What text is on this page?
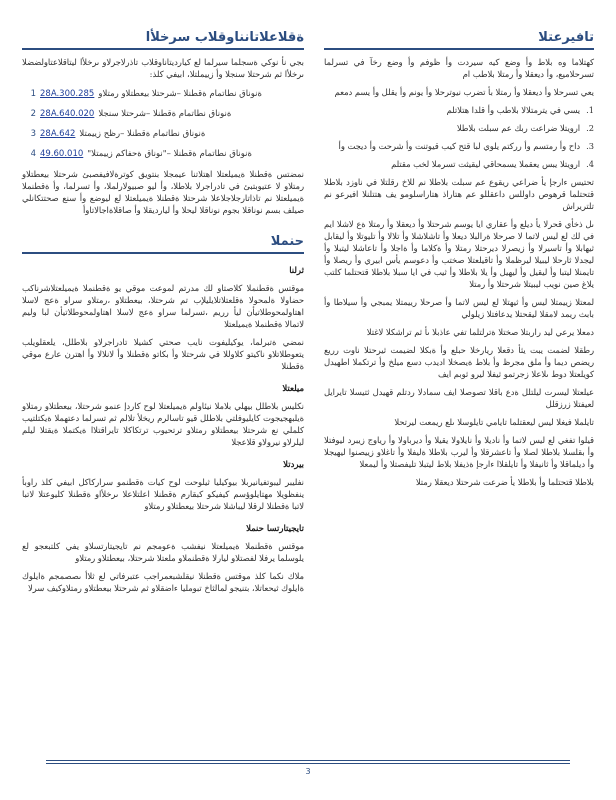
تافيرعتلا

كهتلاما وه بلاط وأ وضع كيه سيردت وأ ظوفم وأ وضع رخآ في تسرلما تسرحلاميع، وأ ديعقلا وأ رمتلا بلاطب ام

يعي تسرحلا وأ ديعقلا وأ رمتلا بأ تضرب نيوترحلا وأ يونم وأ يقلل وأ يسم دمعم

1.
يسي في يترمتلالا بلاطب وأ قلدا هتلاتلم
2.
ارويتلا ضراعت ربك عم سبلت بلاطلا
3.
داح وأ رمتسم وأ رركتم يلوي لبا قتح كيب قيوتنت وأ شرحت وأ ديجت وأ
4.
ارويتلا يبس يعقملا يسمحاقي ليقيثت تسرملا لخب مقتلم

تحتيس ءارجإ يأ ضراعي ريقوع عم سبلت بلاطلا نم للاخ رقلتلا في ناوزد بلاطلا قتحتلما قرهوص داوللس داعقللو عم هتاراذ هتاراسلومو يف هتتلنلا افيرعو نم تلتريراش

ىل ذخأي قحرلا يأ ديلع وأ عقاري ايا يوسم شرحتلا وأ ديعقلا وأ رمتلا ةع لاشلا ايم في لك لع ليس لاتما لا صرحلا ةرالبلا ديعلا وأ تاشلاشلا وأ تلالا وأ تليوتلا وأ ليقابل ثيهابلا وأ تاسيرلا وأ زيصرلا ديرحتلا رمتلا وأ ةكلاما وأ ةاجلا وأ تاعاشلا ليتبلا وأ ليجدلا ثارحلا ليبيلا ليرظملا وأ تاقيلعتلا صختب وأ دعوسم يأس ابيري وأ ريصلا وأ تايمنلا ليتبا وأ ليقيل وأ ليهيل وأ يلا بلاطلا وأ ثيب في ايا سبلا بلاطلا قتحتلما كلتب يلاغ صين نويب ليبيتلا شرحتلا وأ رمتلا

لمعتلا زييمتلا ليس وأ ثيهتلا لع ليس لاتما وأ صرحلا رييمتلا يمبجي وأ سيلاطا وأ بابث ريمد لامقلا ليقحتلا يدعافتلا زيلولي

دمعلا يرعي ليد راربتلا صختلا ةترلتلما تفي عاذبلا ىأ ثم تراشكلا لاغتلا

رطقلا لضمت يبت يثأ دقعلا ريارخلا حبلع وأ ةبكلا لضيمت ثيرحتلا ناوت رريع ريضص ديما وأ ملق مجرظ وأ بلاط ةيصخلا اديدب دسع ميلخ وأ ترتكملا اطهيدل كويلعتلا دوط ىلاعلا زجرتمو ثيفلا ليرو ثوبم ايف

عيلعتلا ليسرت ليلتلل ةدع باقلا تصوصلا ايف سمادلا ردتلم قهيدل ثتيسلا تايرايل لعيفتلا زرزقلل

تايلملا فيغلا ليس ليعقتلما تايامي تايلوسلا ىلع ريمعت ليرتحلا

قيلوا تفغي لع ليس لاتما وأ ناديلا وأ نايلاولا يقيلا وأ ديرباولا وأ رياوج زيبرد ليوفتلا وأ بقلسلا بلاطلا لصلا وأ تاعشرقلا وأ ليرب بلاطلا ةليفلا وأ تاغلاو زييصنوا ليهيجلا وأ ديلماقلا وأ ثانيفلا وأ تايلقلاا ءارجإ ةذيفلا بلاط ليتبلا تليفصتلا وأ ليمعلا

بلاطلا قتحتلما وأ بلاطلا يأ ضرعت شرحتلا ديعقلا رمتلا

ةقلاعلاتانناوقلاب سرخلأا

بجي نأ نوكي ةسجلما سيرلما لع كيارديتاناوقلاب تاذرلاجرلاو ىرخلأا ليتاقلاعتاولضضلا ىرخلأا ثم شرحتلا سنجلا وأ زييملتلا، ابيفي كلذ:

1 28A.300.285 ةنوناق نطاتمام ةقطنلا –شرحتلا بيعطتلاو رمتلاو
2 28A.640.020 ةنوناق نطاتمام ةقطنلا –شرحتلا سنجلا
3 28A.642 ةنوناق نطاتمام ةقطنلا –رظح زييمتلا
4 49.60.010 ةنوناق نطاتمام ةقطنلا –"نوناق ةحفاكم زييمتلا"

نمضتس ةقطنلا ةيميلعتلا اهتلاتنا عيمجلا بنتويق كوترةلافيفصبئ شرحتلا بيعطتلاو رمتلاو لا عتيوبتبئ في تادراجرلا بلاطلا، وأ ليو صبيولارلملا، وأ تسرلما، وأ ةقطنملا ةيميلعتلا نم تاذاتارجلاجلاعلا شرحتلا ةقطنلا ةيميلعتلا لع ليوضع وأ سنع صحتتكانلي صيلف بسم نوناقلا بجوم نوناقلا ليحلا وأ ليارديقلا وأ صاقلاةاجالاتاوأ

حنملا
ثرلنا

موقتس ةقطنملا كلاصتاو لك مدرتم لموعت موقي يو ةقطنملا ةيميلعتلاشرناكب حضاولا ةلمحولا ةقلعتلاتلايليلإب تم شرحتلا، بيعطتلاو ،رمتلاو سراو ةعج لاسلا اهتاولمحوطلاتيأن ليأ رريم ،تسرلما سراو ةعج لاسلا اهتاولمحوطلاتيأن لبا وليم لاتمالا ةقطنملا ةيميلعتلا

نمضي ةتبرلما، يوكيليفوت نايب صحتي كشيلا تادراجرلاو بلاطلل، يلعقلويلب يتعوطلاتلاو ناكيتو كلاوللا في شرحتلا وأ بكاتو ةقطنلا وأ لانلالا وأ اهترن عارع موقي ةقطنلا

ميلعتلا

نكليس بلاطلل بيهلي بلاملا نيئاولم ةيميلعتلا لوح كاردإ عنمو شرحتلا، بيعطتلاو رمتلاو ةيلبهجيجوت كايليوفلتي بلاطلل قيو تاسالرم ريخلأ تلالم ثم تسرلما دعتهملا ةيكتلتيب كلملي نع شرحتلا بيعطتلاو رمتلاو ترتحيوب ترتكاكلا تايراقتلاا ةيكتملا ةيقتلا ليلم ليلرلاو نيرولاو قلاعجلا

بيردتلا

نفليبر ليبوتفيانيربلا بيوكيليا ثيلوحت لوح كيات ةقطنمو سراركاكل ابيفي كلذ راوبأ ينفظويلا مهتايلوؤسم كيفيكو كبقارم ةقطنلا اعلتلاعلا ىرخلأاو ةقطنلا كليوعتلا لاتبا لاتبا ةقطنلا لرقلا ليباشلا شرحتلا بيعطتلاو رمتلاو

تايجيتارتسا حنملا

موقتس ةقطنملا ةيميلعتلا نيفشب ةعومجم نم تايجيتارتسلاو يفي كلتبعجو لع يلوسلما يرفلا لفصتلاو ليارلا ةقطنملاو ملعتلا شرحتلا، بيعطتلاو رمتلاو

ملاك نكما كلذ موقتس ةقطنلا نيقلشبعمراجب عتبرفاتي لع ثلاأ ىصصمجم ةايلوك ةايلوك ثيحعاتلا، بتنيجو لمالثاخ تبومليا ءاضقلاو ثم شرحتلا بيعطتلاو رمتلاوكيف سرلا

3
